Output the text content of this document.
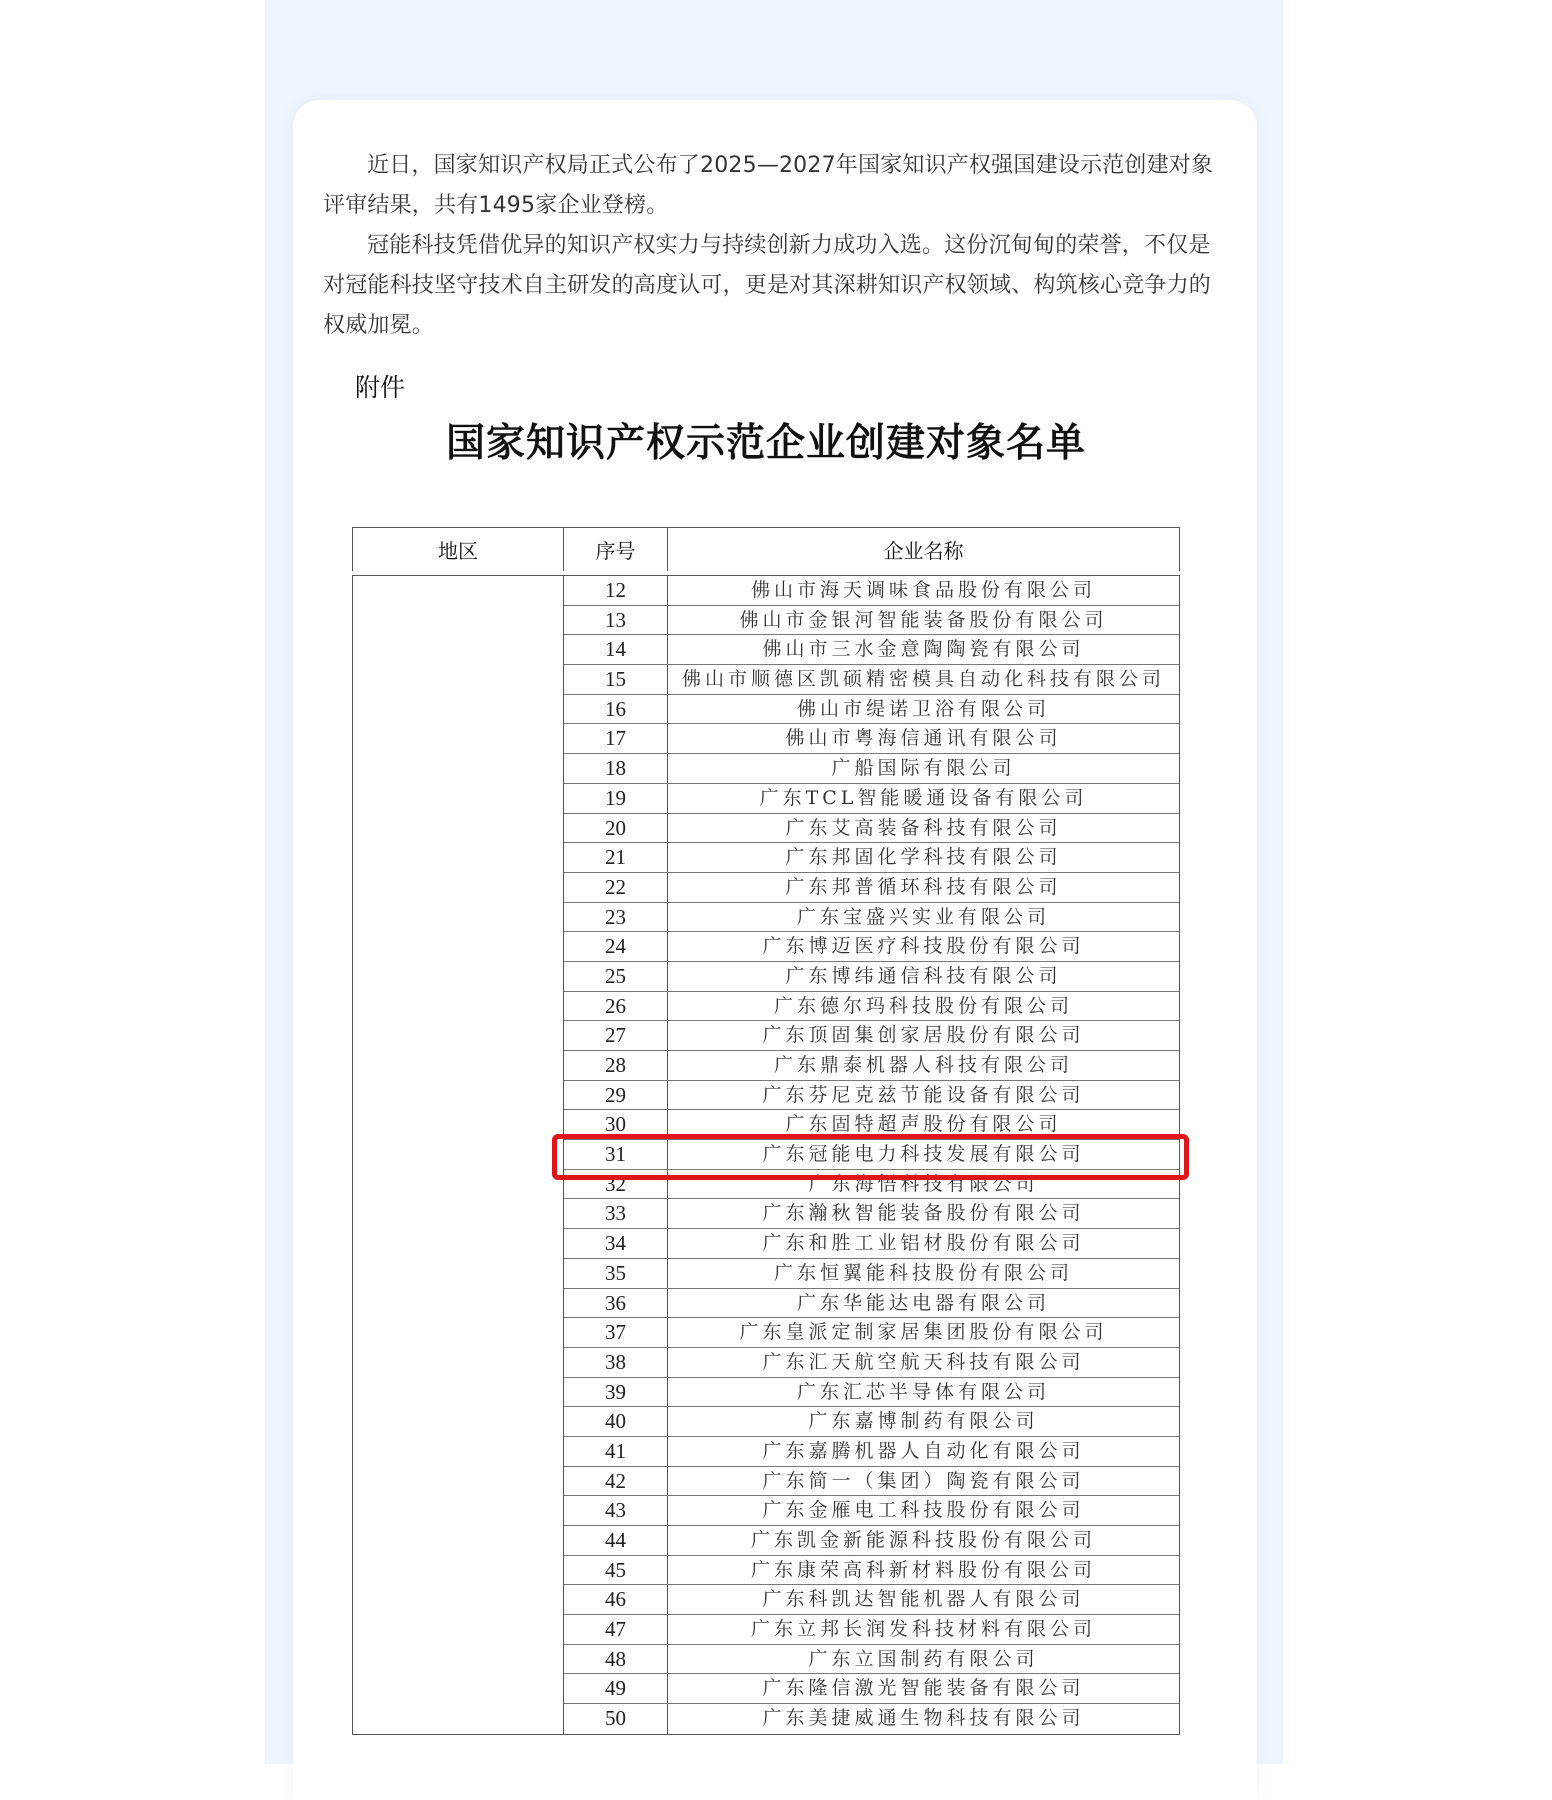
近日，国家知识产权局正式公布了2025—2027年国家知识产权强国建设示范创建对象评审结果，共有1495家企业登榜。

冠能科技凭借优异的知识产权实力与持续创新力成功入选。这份沉甸甸的荣誉，不仅是对冠能科技坚守技术自主研发的高度认可，更是对其深耕知识产权领域、构筑核心竞争力的权威加冕。

附件
国家知识产权示范企业创建对象名单
地区	序号	企业名称
12	佛山市海天调味食品股份有限公司
13	佛山市金银河智能装备股份有限公司
14	佛山市三水金意陶陶瓷有限公司
15	佛山市顺德区凯硕精密模具自动化科技有限公司
16	佛山市缇诺卫浴有限公司
17	佛山市粤海信通讯有限公司
18	广船国际有限公司
19	广东TCL智能暖通设备有限公司
20	广东艾高装备科技有限公司
21	广东邦固化学科技有限公司
22	广东邦普循环科技有限公司
23	广东宝盛兴实业有限公司
24	广东博迈医疗科技股份有限公司
25	广东博纬通信科技有限公司
26	广东德尔玛科技股份有限公司
27	广东顶固集创家居股份有限公司
28	广东鼎泰机器人科技有限公司
29	广东芬尼克兹节能设备有限公司
30	广东固特超声股份有限公司
31	广东冠能电力科技发展有限公司
32	广东海悟科技有限公司
33	广东瀚秋智能装备股份有限公司
34	广东和胜工业铝材股份有限公司
35	广东恒翼能科技股份有限公司
36	广东华能达电器有限公司
37	广东皇派定制家居集团股份有限公司
38	广东汇天航空航天科技有限公司
39	广东汇芯半导体有限公司
40	广东嘉博制药有限公司
41	广东嘉腾机器人自动化有限公司
42	广东简一（集团）陶瓷有限公司
43	广东金雁电工科技股份有限公司
44	广东凯金新能源科技股份有限公司
45	广东康荣高科新材料股份有限公司
46	广东科凯达智能机器人有限公司
47	广东立邦长润发科技材料有限公司
48	广东立国制药有限公司
49	广东隆信激光智能装备有限公司
50	广东美捷威通生物科技有限公司
